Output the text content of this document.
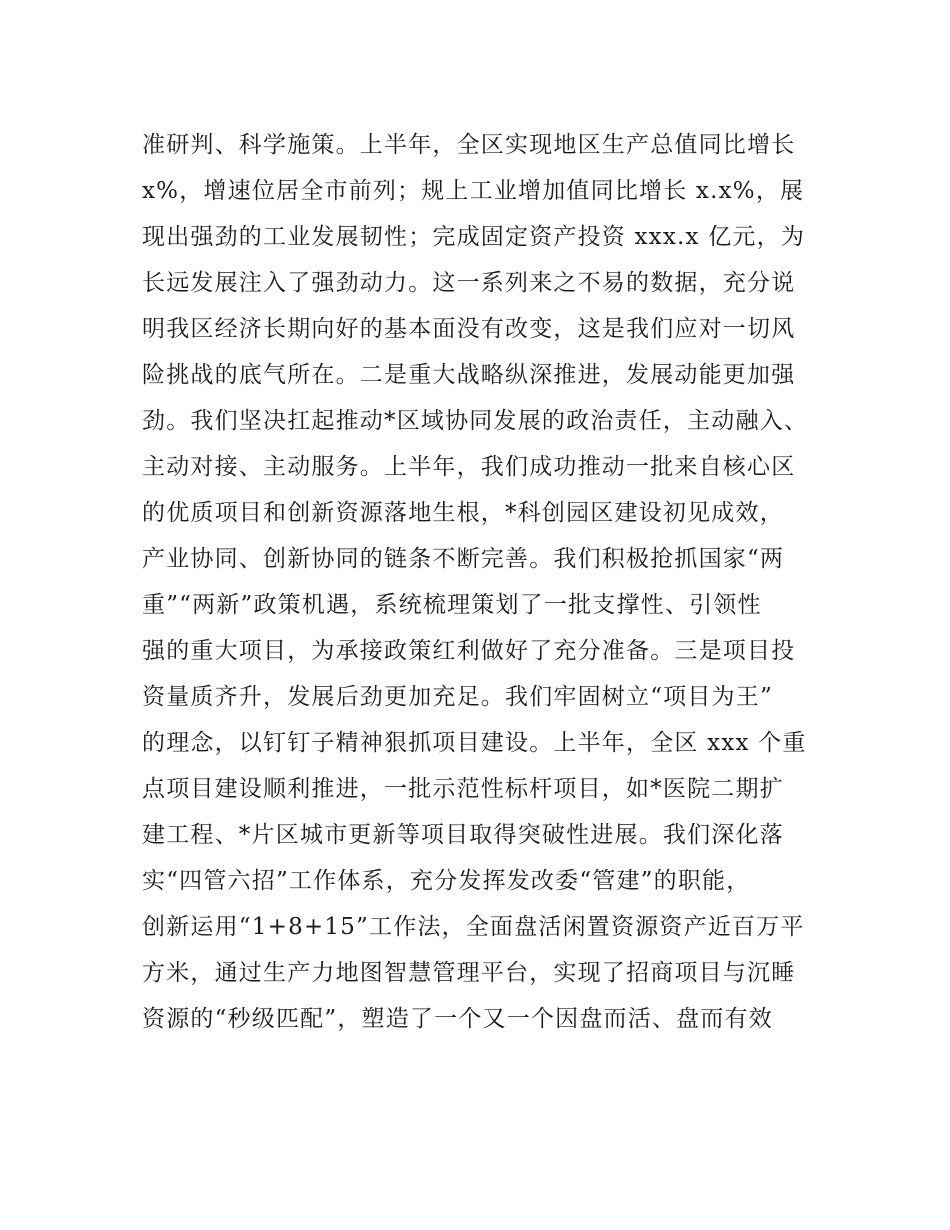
准研判、科学施策。上半年，全区实现地区生产总值同比增长
x%，增速位居全市前列；规上工业增加值同比增长 x.x%，展
现出强劲的工业发展韧性；完成固定资产投资 xxx.x 亿元，为
长远发展注入了强劲动力。这一系列来之不易的数据，充分说
明我区经济长期向好的基本面没有改变，这是我们应对一切风
险挑战的底气所在。二是重大战略纵深推进，发展动能更加强
劲。我们坚决扛起推动*区域协同发展的政治责任，主动融入、
主动对接、主动服务。上半年，我们成功推动一批来自核心区
的优质项目和创新资源落地生根，*科创园区建设初见成效，
产业协同、创新协同的链条不断完善。我们积极抢抓国家“两
重”“两新”政策机遇，系统梳理策划了一批支撑性、引领性
强的重大项目，为承接政策红利做好了充分准备。三是项目投
资量质齐升，发展后劲更加充足。我们牢固树立“项目为王”
的理念，以钉钉子精神狠抓项目建设。上半年，全区 xxx 个重
点项目建设顺利推进，一批示范性标杆项目，如*医院二期扩
建工程、*片区城市更新等项目取得突破性进展。我们深化落
实“四管六招”工作体系，充分发挥发改委“管建”的职能，
创新运用“1+8+15”工作法，全面盘活闲置资源资产近百万平
方米，通过生产力地图智慧管理平台，实现了招商项目与沉睡
资源的“秒级匹配”，塑造了一个又一个因盘而活、盘而有效
